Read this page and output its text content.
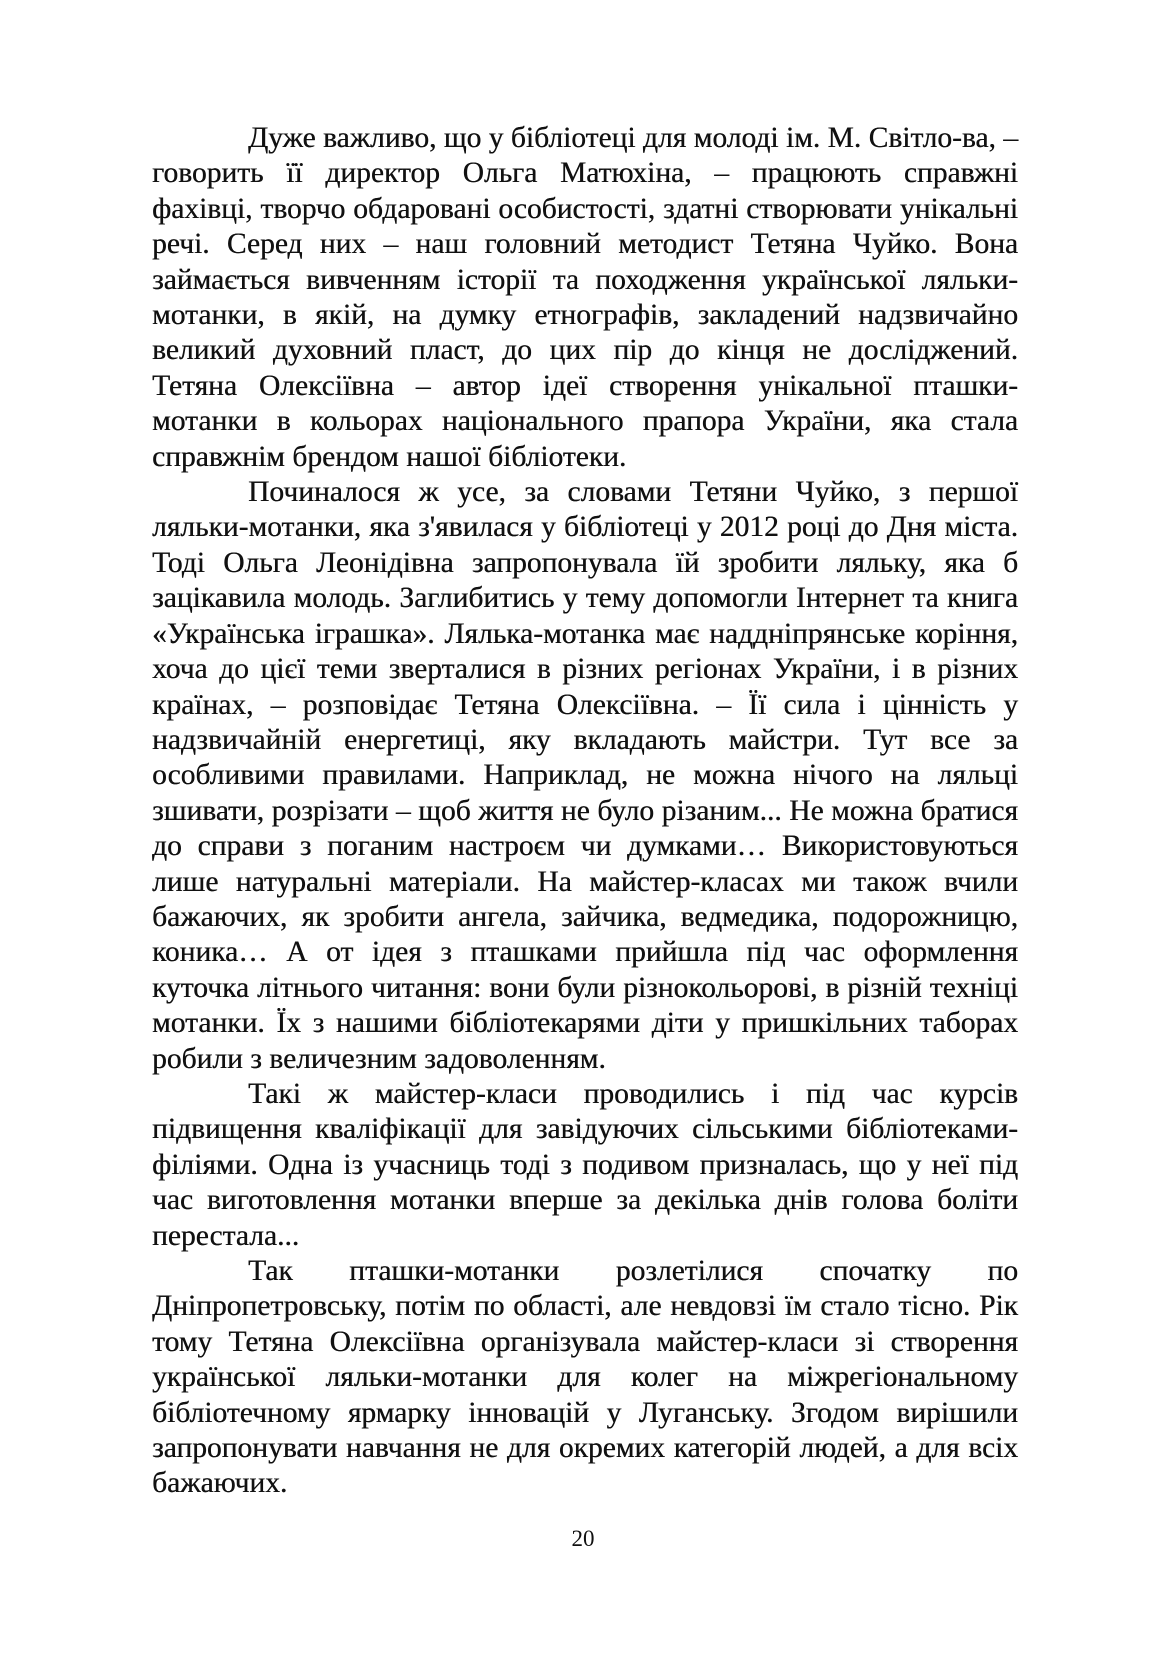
Дуже важливо, що у бібліотеці для молоді ім. М. Світло-ва, – говорить її директор Ольга Матюхіна, – працюють справжні фахівці, творчо обдаровані особистості, здатні створювати унікальні речі. Серед них – наш головний методист Тетяна Чуйко. Вона займається вивченням історії та походження української ляльки-мотанки, в якій, на думку етнографів, закладений надзвичайно великий духовний пласт, до цих пір до кінця не досліджений. Тетяна Олексіївна – автор ідеї створення унікальної пташки-мотанки в кольорах національного прапора України, яка стала справжнім брендом нашої бібліотеки.

Починалося ж усе, за словами Тетяни Чуйко, з першої ляльки-мотанки, яка з'явилася у бібліотеці у 2012 році до Дня міста. Тоді Ольга Леонідівна запропонувала їй зробити ляльку, яка б зацікавила молодь. Заглибитись у тему допомогли Інтернет та книга «Українська іграшка». Лялька-мотанка має наддніпрянське коріння, хоча до цієї теми зверталися в різних регіонах України, і в різних країнах, – розповідає Тетяна Олексіївна. – Її сила і цінність у надзвичайній енергетиці, яку вкладають майстри. Тут все за особливими правилами. Наприклад, не можна нічого на ляльці зшивати, розрізати – щоб життя не було різаним... Не можна братися до справи з поганим настроєм чи думками… Використовуються лише натуральні матеріали. На майстер-класах ми також вчили бажаючих, як зробити ангела, зайчика, ведмедика, подорожницю, коника… А от ідея з пташками прийшла під час оформлення куточка літнього читання: вони були різнокольорові, в різній техніці мотанки. Їх з нашими бібліотекарями діти у пришкільних таборах робили з величезним задоволенням.

Такі ж майстер-класи проводились і під час курсів підвищення кваліфікації для завідуючих сільськими бібліотеками-філіями. Одна із учасниць тоді з подивом призналась, що у неї під час виготовлення мотанки вперше за декілька днів голова боліти перестала...

Так пташки-мотанки розлетілися спочатку по Дніпропетровську, потім по області, але невдовзі їм стало тісно. Рік тому Тетяна Олексіївна організувала майстер-класи зі створення української ляльки-мотанки для колег на міжрегіональному бібліотечному ярмарку інновацій у Луганську. Згодом вирішили запропонувати навчання не для окремих категорій людей, а для всіх бажаючих.

20
